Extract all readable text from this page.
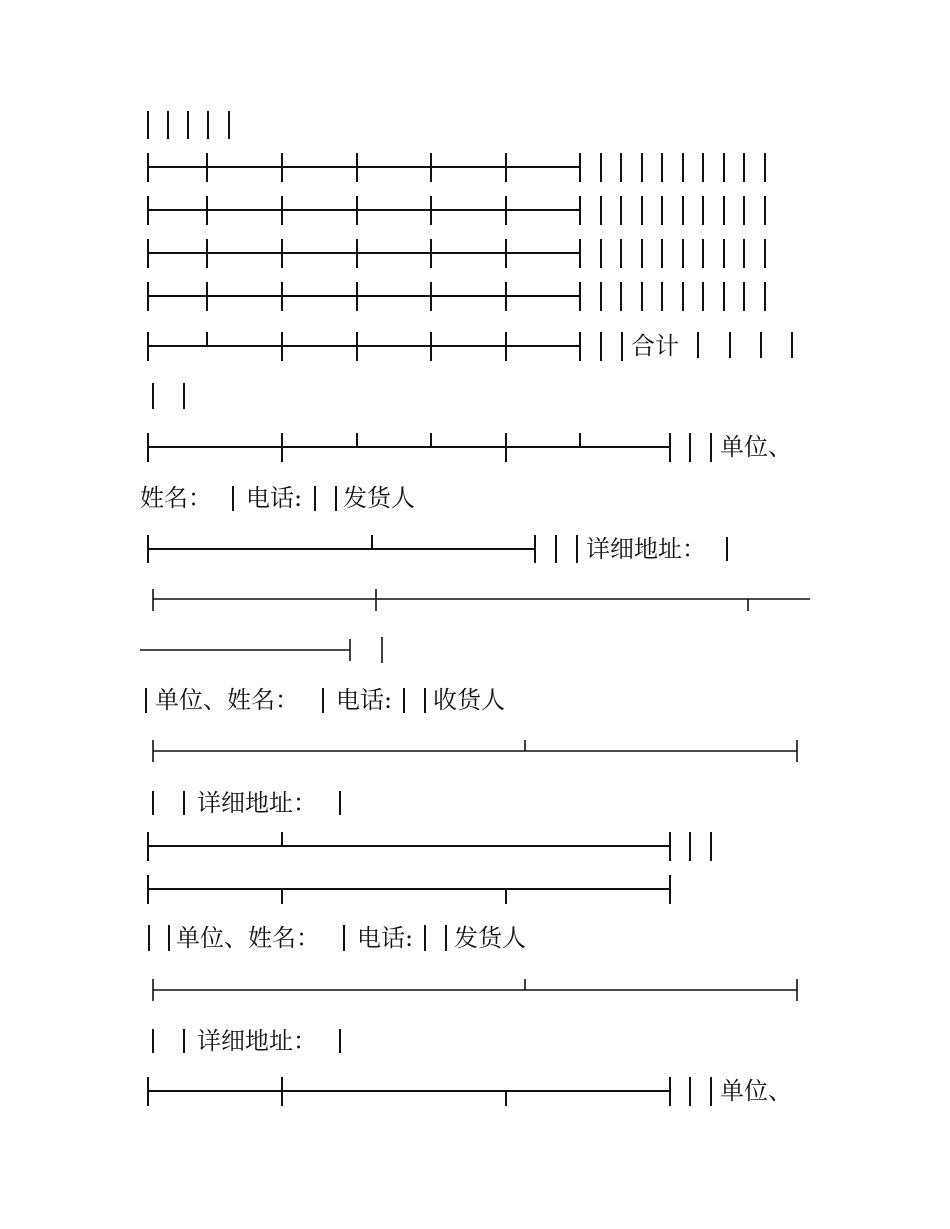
合计
单位、
姓名： 电话: 发货人
详细地址：
单位、姓名： 电话: 收货人
详细地址：
单位、姓名： 电话: 发货人
详细地址：
单位、
